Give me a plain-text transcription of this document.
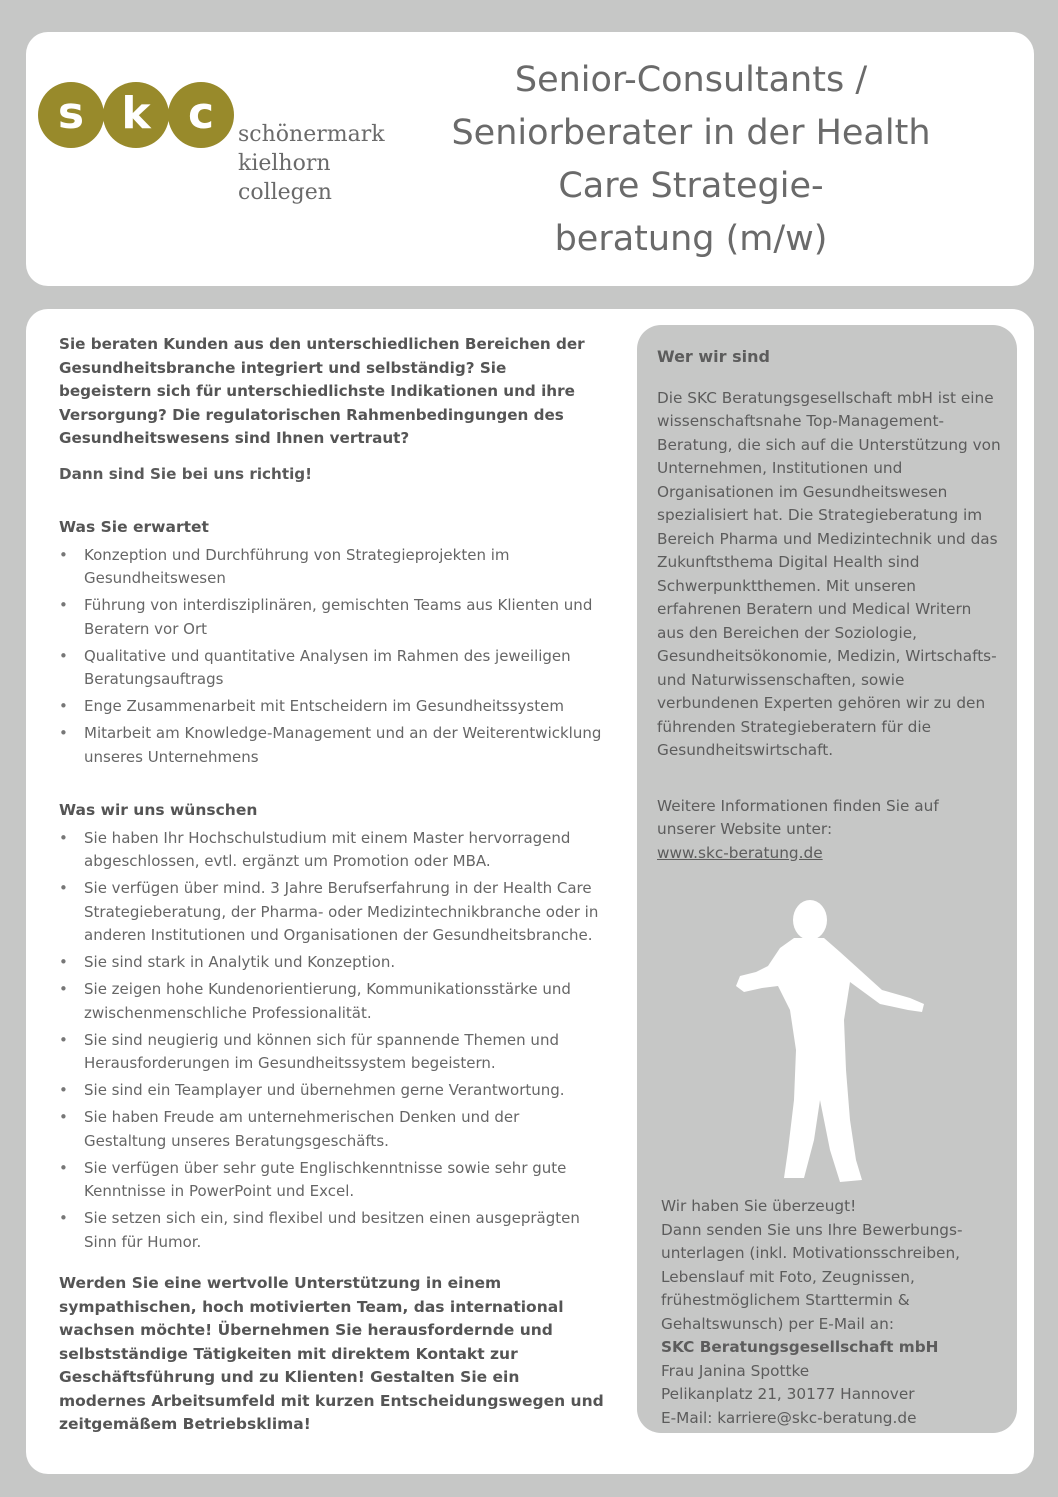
s k c	schönermark
kielhorn
collegen
Senior-Consultants /
Seniorberater in der Health
Care Strategie-
beratung (m/w)

Sie beraten Kunden aus den unterschiedlichen Bereichen der Gesundheitsbranche integriert und selbständig? Sie begeistern sich für unterschiedlichste Indikationen und ihre Versorgung? Die regulatorischen Rahmenbedingungen des Gesundheitswesens sind Ihnen vertraut?

Dann sind Sie bei uns richtig!

Was Sie erwartet

• Konzeption und Durchführung von Strategieprojekten im Gesundheitswesen
• Führung von interdisziplinären, gemischten Teams aus Klienten und Beratern vor Ort
• Qualitative und quantitative Analysen im Rahmen des jeweiligen Beratungsauftrags
• Enge Zusammenarbeit mit Entscheidern im Gesundheitssystem
• Mitarbeit am Knowledge-Management und an der Weiterentwicklung unseres Unternehmens

Was wir uns wünschen

• Sie haben Ihr Hochschulstudium mit einem Master hervorragend abgeschlossen, evtl. ergänzt um Promotion oder MBA.
• Sie verfügen über mind. 3 Jahre Berufserfahrung in der Health Care Strategieberatung, der Pharma- oder Medizintechnikbranche oder in anderen Institutionen und Organisationen der Gesundheitsbranche.
• Sie sind stark in Analytik und Konzeption.
• Sie zeigen hohe Kundenorientierung, Kommunikationsstärke und zwischenmenschliche Professionalität.
• Sie sind neugierig und können sich für spannende Themen und Herausforderungen im Gesundheitssystem begeistern.
• Sie sind ein Teamplayer und übernehmen gerne Verantwortung.
• Sie haben Freude am unternehmerischen Denken und der Gestaltung unseres Beratungsgeschäfts.
• Sie verfügen über sehr gute Englischkenntnisse sowie sehr gute Kenntnisse in PowerPoint und Excel.
• Sie setzen sich ein, sind flexibel und besitzen einen ausgeprägten Sinn für Humor.

Werden Sie eine wertvolle Unterstützung in einem sympathischen, hoch motivierten Team, das international wachsen möchte! Übernehmen Sie herausfordernde und selbstständige Tätigkeiten mit direktem Kontakt zur Geschäftsführung und zu Klienten! Gestalten Sie ein modernes Arbeitsumfeld mit kurzen Entscheidungswegen und zeitgemäßem Betriebsklima!

Wer wir sind

Die SKC Beratungsgesellschaft mbH ist eine wissenschaftsnahe Top-Management-Beratung, die sich auf die Unterstützung von Unternehmen, Institutionen und Organisationen im Gesundheitswesen spezialisiert hat. Die Strategieberatung im Bereich Pharma und Medizintechnik und das Zukunftsthema Digital Health sind Schwerpunktthemen. Mit unseren erfahrenen Beratern und Medical Writern aus den Bereichen der Soziologie, Gesundheitsökonomie, Medizin, Wirtschafts- und Naturwissenschaften, sowie verbundenen Experten gehören wir zu den führenden Strategieberatern für die Gesundheitswirtschaft.

Weitere Informationen finden Sie auf unserer Website unter:

www.skc-beratung.de

Wir haben Sie überzeugt!

Dann senden Sie uns Ihre Bewerbungs-unterlagen (inkl. Motivationsschreiben, Lebenslauf mit Foto, Zeugnissen, frühestmöglichem Starttermin & Gehaltswunsch) per E-Mail an:

SKC Beratungsgesellschaft mbH

Frau Janina Spottke

Pelikanplatz 21, 30177 Hannover

E-Mail: karriere@skc-beratung.de
